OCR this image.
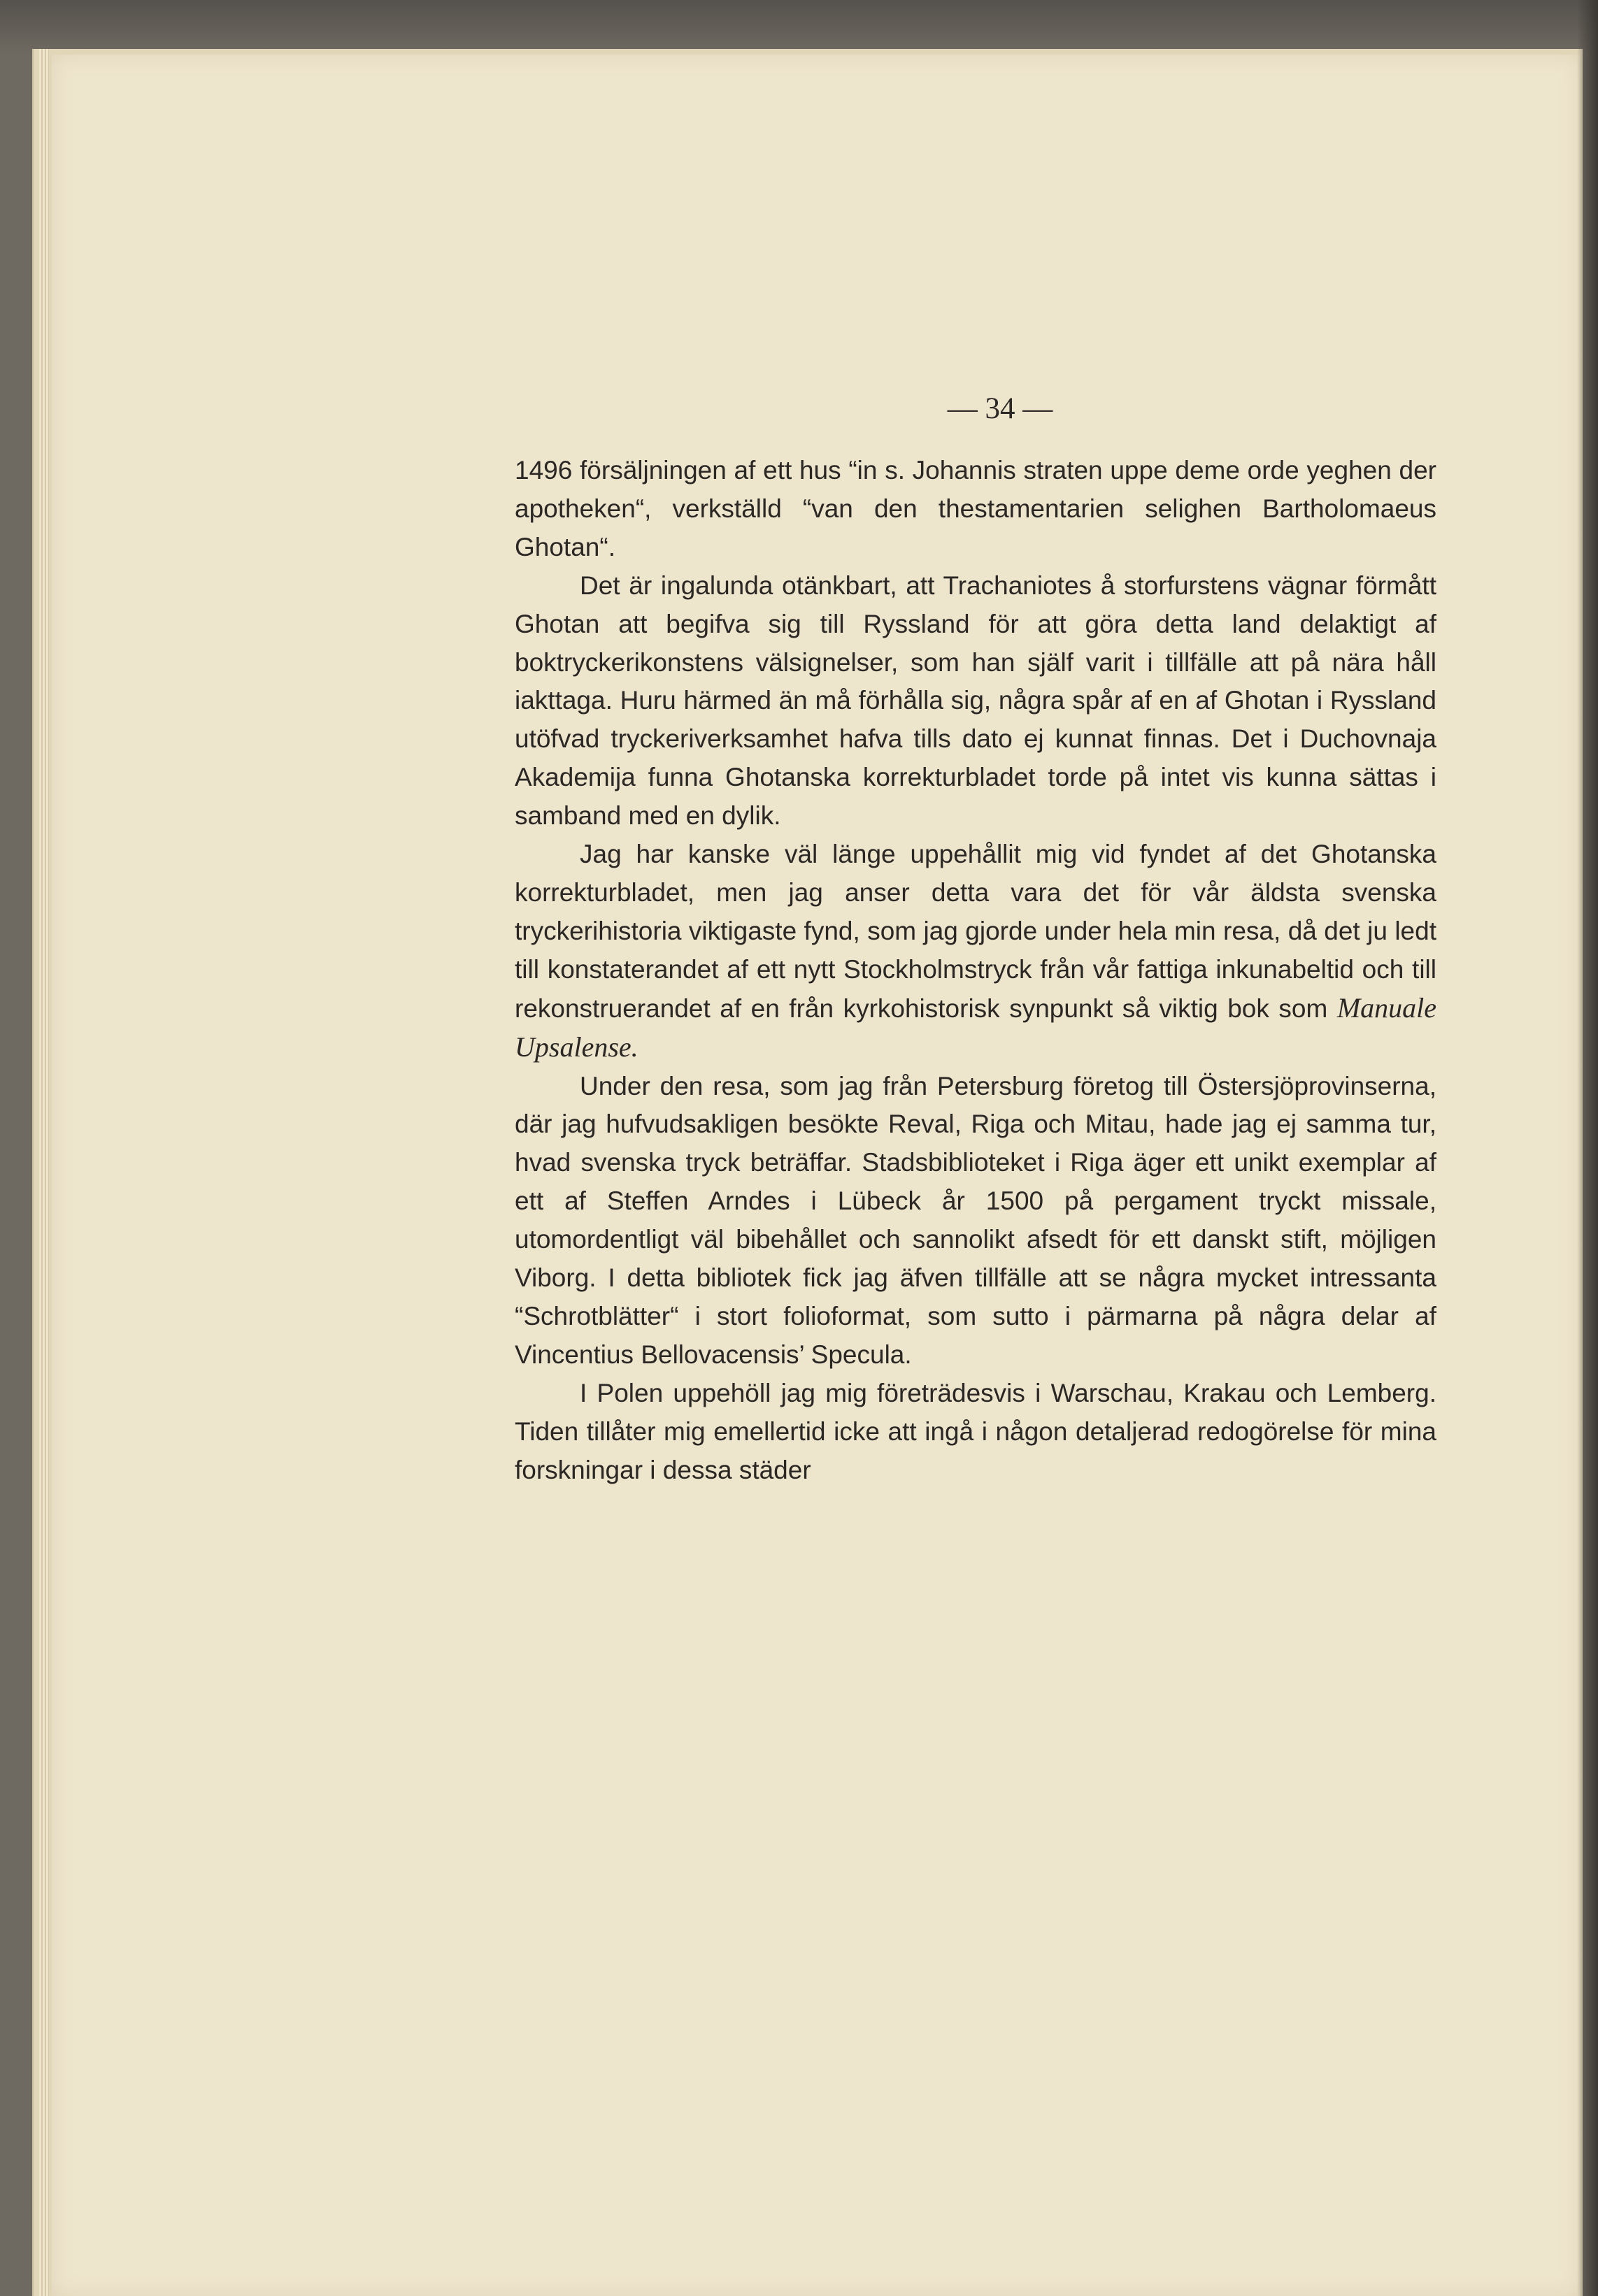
— 34 —

1496 försäljningen af ett hus “in s. Johannis straten uppe deme orde yeghen der apotheken“, verkställd “van den thestamentarien selighen Bartholomaeus Ghotan“.

Det är ingalunda otänkbart, att Trachaniotes å storfurstens vägnar förmått Ghotan att begifva sig till Ryssland för att göra detta land delaktigt af boktryckerikonstens välsignelser, som han själf varit i tillfälle att på nära håll iakttaga. Huru härmed än må förhålla sig, några spår af en af Ghotan i Ryssland utöfvad tryckeriverksamhet hafva tills dato ej kunnat finnas. Det i Duchovnaja Akademija funna Ghotanska korrekturbladet torde på intet vis kunna sättas i samband med en dylik.

Jag har kanske väl länge uppehållit mig vid fyndet af det Ghotanska korrekturbladet, men jag anser detta vara det för vår äldsta svenska tryckerihistoria viktigaste fynd, som jag gjorde under hela min resa, då det ju ledt till konstaterandet af ett nytt Stockholmstryck från vår fattiga inkunabeltid och till rekonstruerandet af en från kyrkohistorisk synpunkt så viktig bok som Manuale Upsalense.

Under den resa, som jag från Petersburg företog till Östersjöprovinserna, där jag hufvudsakligen besökte Reval, Riga och Mitau, hade jag ej samma tur, hvad svenska tryck beträffar. Stadsbiblioteket i Riga äger ett unikt exemplar af ett af Steffen Arndes i Lübeck år 1500 på pergament tryckt missale, utomordentligt väl bibehållet och sannolikt afsedt för ett danskt stift, möjligen Viborg. I detta bibliotek fick jag äfven tillfälle att se några mycket intressanta “Schrotblätter“ i stort folioformat, som sutto i pärmarna på några delar af Vincentius Bellovacensis’ Specula.

I Polen uppehöll jag mig företrädesvis i Warschau, Krakau och Lemberg. Tiden tillåter mig emellertid icke att ingå i någon detaljerad redogörelse för mina forskningar i dessa städer
